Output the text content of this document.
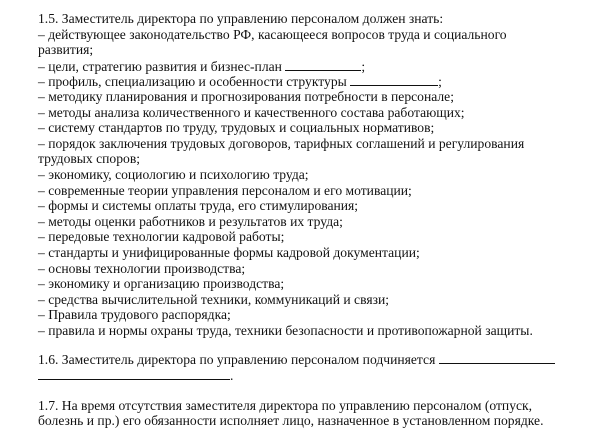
1.5. Заместитель директора по управлению персоналом должен знать:
– действующее законодательство РФ, касающееся вопросов труда и социального
развития;
– цели, стратегию развития и бизнес-план	;
– профиль, специализацию и особенности структуры	;
– методику планирования и прогнозирования потребности в персонале;
– методы анализа количественного и качественного состава работающих;
– систему стандартов по труду, трудовых и социальных нормативов;
– порядок заключения трудовых договоров, тарифных соглашений и регулирования
трудовых споров;
– экономику, социологию и психологию труда;
– современные теории управления персоналом и его мотивации;
– формы и системы оплаты труда, его стимулирования;
– методы оценки работников и результатов их труда;
– передовые технологии кадровой работы;
– стандарты и унифицированные формы кадровой документации;
– основы технологии производства;
– экономику и организацию производства;
– средства вычислительной техники, коммуникаций и связи;
– Правила трудового распорядка;
– правила и нормы охраны труда, техники безопасности и противопожарной защиты.
1.6. Заместитель директора по управлению персоналом подчиняется
.
1.7. На время отсутствия заместителя директора по управлению персоналом (отпуск,
болезнь и пр.) его обязанности исполняет лицо, назначенное в установленном порядке.
